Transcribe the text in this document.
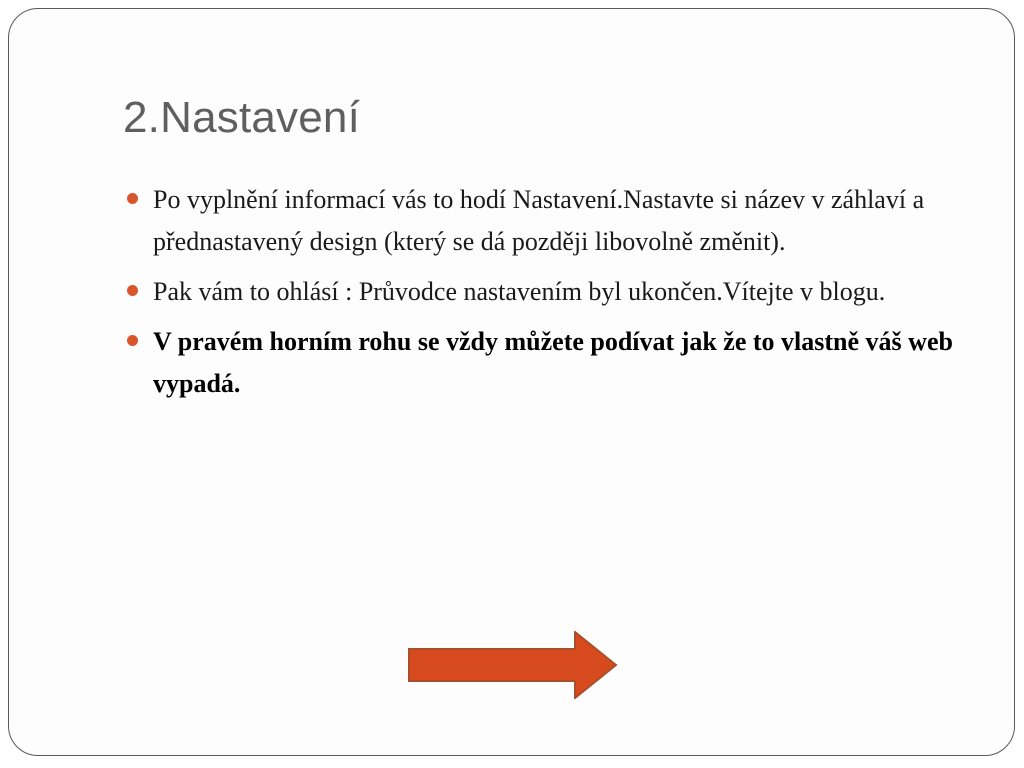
2.Nastavení
Po vyplnění informací vás to hodí Nastavení.Nastavte si název v záhlaví a přednastavený design (který se dá později libovolně změnit).
Pak vám to ohlásí : Průvodce nastavením byl ukončen.Vítejte v blogu.
V pravém horním rohu se vždy můžete podívat jak že to vlastně váš web vypadá.
